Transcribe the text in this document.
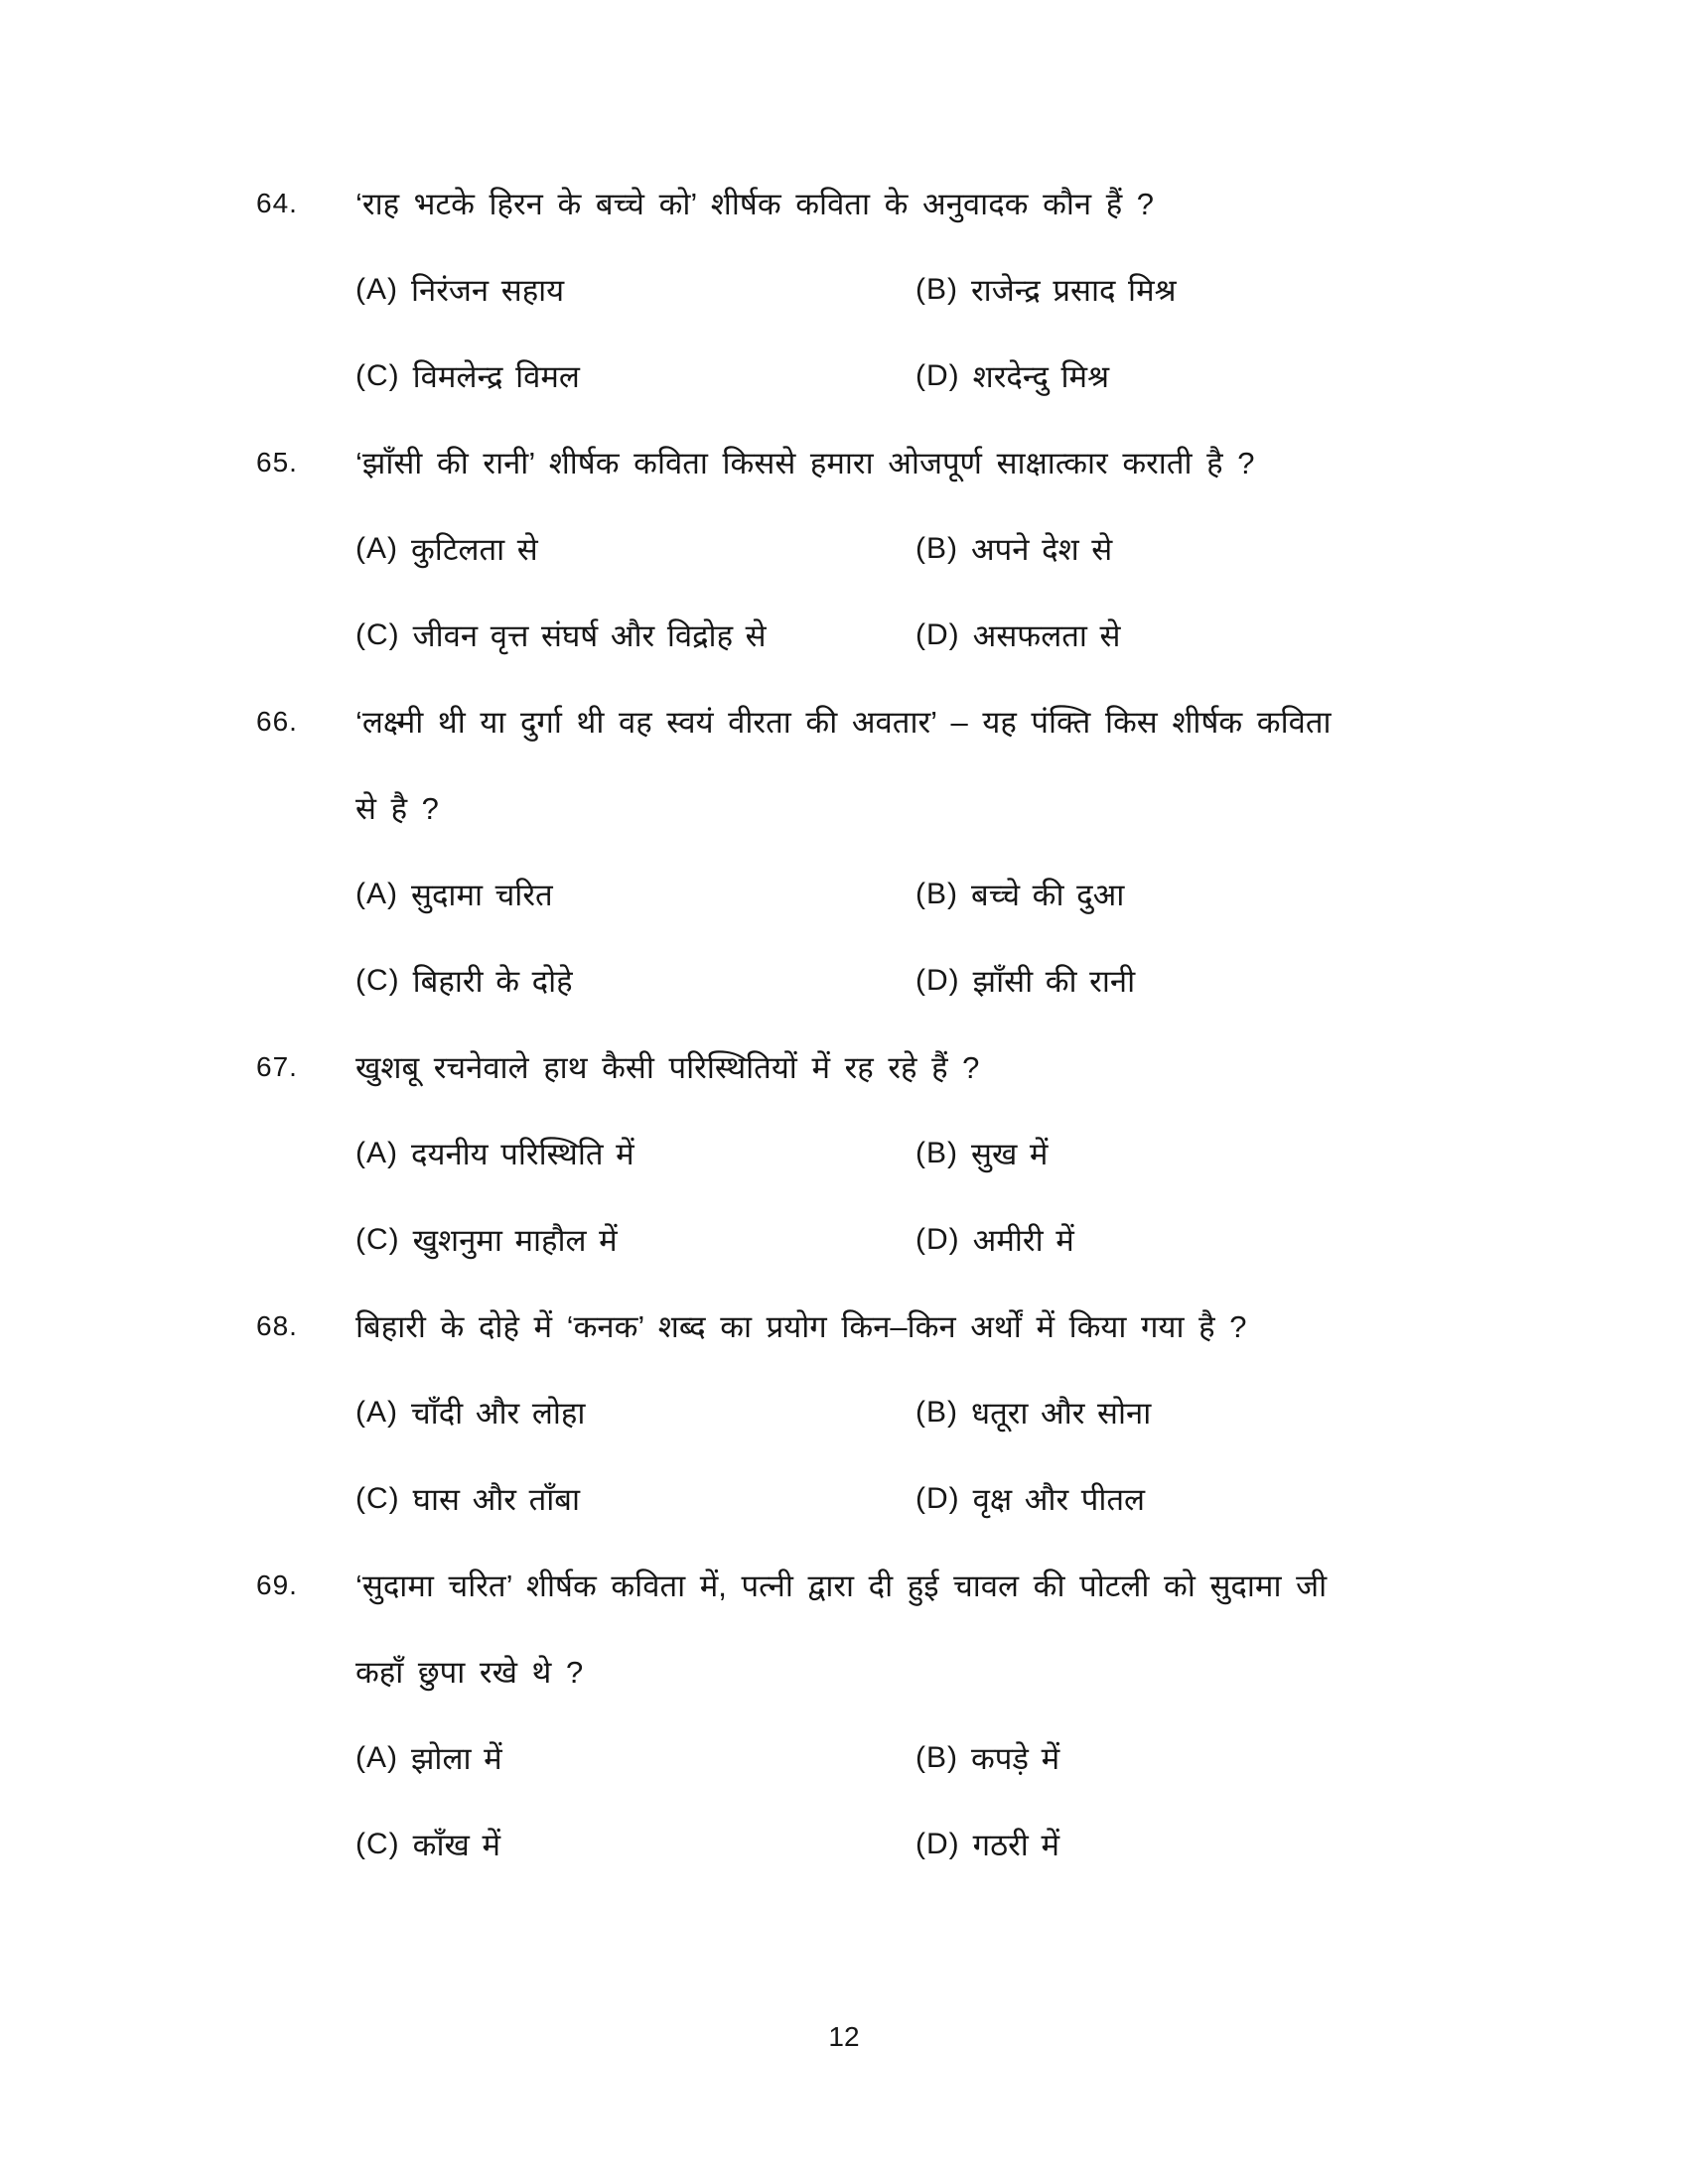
64.	‘राह भटके हिरन के बच्चे को’ शीर्षक कविता के अनुवादक कौन हैं ?
(A) निरंजन सहाय	(B) राजेन्द्र प्रसाद मिश्र
(C) विमलेन्द्र विमल	(D) शरदेन्दु मिश्र
65.	‘झाँसी की रानी’ शीर्षक कविता किससे हमारा ओजपूर्ण साक्षात्कार कराती है ?
(A) कुटिलता से	(B) अपने देश से
(C) जीवन वृत्त संघर्ष और विद्रोह से	(D) असफलता से
66.	‘लक्ष्मी थी या दुर्गा थी वह स्वयं वीरता की अवतार’ – यह पंक्ति किस शीर्षक कविता
से है ?
(A) सुदामा चरित	(B) बच्चे की दुआ
(C) बिहारी के दोहे	(D) झाँसी की रानी
67.	खुशबू रचनेवाले हाथ कैसी परिस्थितियों में रह रहे हैं ?
(A) दयनीय परिस्थिति में	(B) सुख में
(C) खुशनुमा माहौल में	(D) अमीरी में
68.	बिहारी के दोहे में ‘कनक’ शब्द का प्रयोग किन–किन अर्थों में किया गया है ?
(A) चाँदी और लोहा	(B) धतूरा और सोना
(C) घास और ताँबा	(D) वृक्ष और पीतल
69.	‘सुदामा चरित’ शीर्षक कविता में, पत्नी द्वारा दी हुई चावल की पोटली को सुदामा जी
कहाँ छुपा रखे थे ?
(A) झोला में	(B) कपड़े में
(C) काँख में	(D) गठरी में
12
